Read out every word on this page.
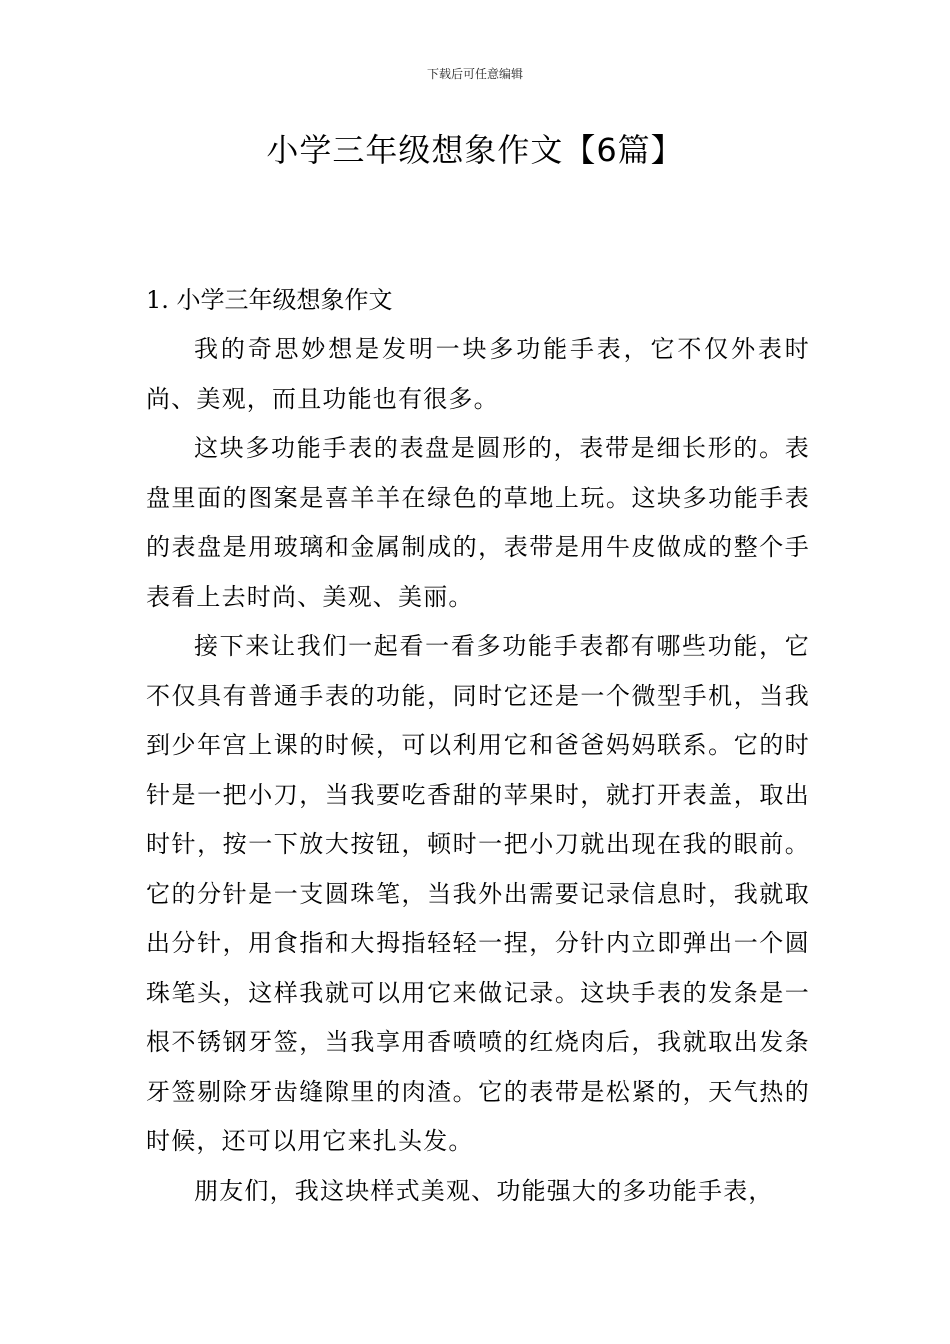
下载后可任意编辑
小学三年级想象作文【6篇】

1. 小学三年级想象作文

我的奇思妙想是发明一块多功能手表，它不仅外表时尚、美观，而且功能也有很多。

这块多功能手表的表盘是圆形的，表带是细长形的。表盘里面的图案是喜羊羊在绿色的草地上玩。这块多功能手表的表盘是用玻璃和金属制成的，表带是用牛皮做成的整个手表看上去时尚、美观、美丽。

接下来让我们一起看一看多功能手表都有哪些功能，它不仅具有普通手表的功能，同时它还是一个微型手机，当我到少年宫上课的时候，可以利用它和爸爸妈妈联系。它的时针是一把小刀，当我要吃香甜的苹果时，就打开表盖，取出时针，按一下放大按钮，顿时一把小刀就出现在我的眼前。它的分针是一支圆珠笔，当我外出需要记录信息时，我就取出分针，用食指和大拇指轻轻一捏，分针内立即弹出一个圆珠笔头，这样我就可以用它来做记录。这块手表的发条是一根不锈钢牙签，当我享用香喷喷的红烧肉后，我就取出发条牙签剔除牙齿缝隙里的肉渣。它的表带是松紧的，天气热的时候，还可以用它来扎头发。

朋友们，我这块样式美观、功能强大的多功能手表，
